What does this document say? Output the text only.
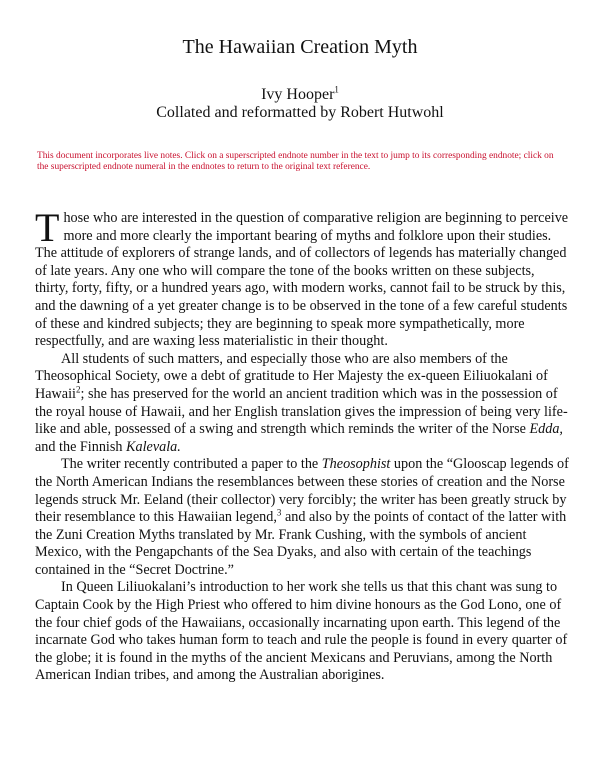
The Hawaiian Creation Myth
Ivy Hooper$^1$
Collated and reformatted by Robert Hutwohl
This document incorporates live notes. Click on a superscripted endnote number in the text to jump to its corresponding endnote; click on the superscripted endnote numeral in the endnotes to return to the original text reference.

Those who are interested in the question of comparative religion are beginning to perceive more and more clearly the important bearing of myths and folklore upon their studies. The attitude of explorers of strange lands, and of collectors of legends has materially changed of late years. Any one who will compare the tone of the books written on these subjects, thirty, forty, fifty, or a hundred years ago, with modern works, cannot fail to be struck by this, and the dawning of a yet greater change is to be observed in the tone of a few careful students of these and kindred subjects; they are beginning to speak more sympathetically, more respectfully, and are waxing less materialistic in their thought.

All students of such matters, and especially those who are also members of the Theosophical Society, owe a debt of gratitude to Her Majesty the ex-queen Eiliuokalani of Hawaii$^2$; she has preserved for the world an ancient tradition which was in the possession of the royal house of Hawaii, and her English translation gives the impression of being very life-like and able, possessed of a swing and strength which reminds the writer of the Norse Edda, and the Finnish Kalevala.

The writer recently contributed a paper to the Theosophist upon the “Glooscap legends of the North American Indians the resemblances between these stories of creation and the Norse legends struck Mr. Eeland (their collector) very forcibly; the writer has been greatly struck by their resemblance to this Hawaiian legend,$^3$ and also by the points of contact of the latter with the Zuni Creation Myths translated by Mr. Frank Cushing, with the symbols of ancient Mexico, with the Pengapchants of the Sea Dyaks, and also with certain of the teachings contained in the “Secret Doctrine.”

In Queen Liliuokalani’s introduction to her work she tells us that this chant was sung to Captain Cook by the High Priest who offered to him divine honours as the God Lono, one of the four chief gods of the Hawaiians, occasionally incarnating upon earth. This legend of the incarnate God who takes human form to teach and rule the people is found in every quarter of the globe; it is found in the myths of the ancient Mexicans and Peruvians, among the North American Indian tribes, and among the Australian aborigines.
